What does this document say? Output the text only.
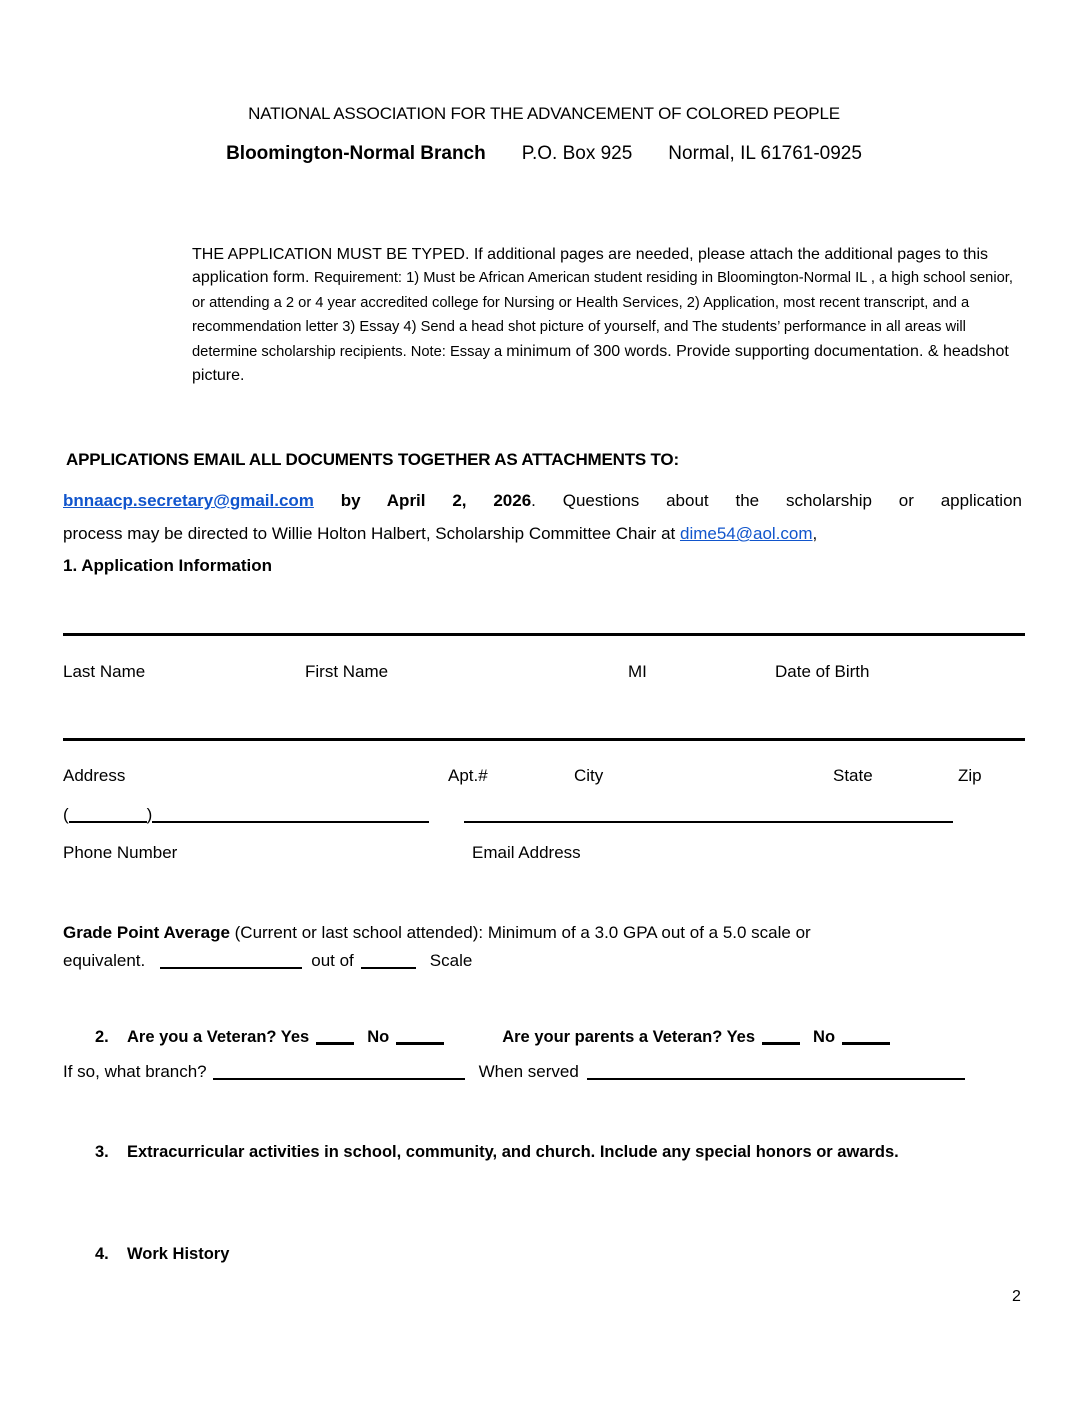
NATIONAL ASSOCIATION FOR THE ADVANCEMENT OF COLORED PEOPLE
Bloomington-Normal Branch P.O. Box 925 Normal, IL 61761-0925
THE APPLICATION MUST BE TYPED. If additional pages are needed, please attach the additional pages to this application form. Requirement: 1) Must be African American student residing in Bloomington-Normal IL , a high school senior, or attending a 2 or 4 year accredited college for Nursing or Health Services, 2) Application, most recent transcript, and a recommendation letter 3) Essay 4) Send a head shot picture of yourself, and The students’ performance in all areas will determine scholarship recipients. Note: Essay a minimum of 300 words. Provide supporting documentation. & headshot picture.
APPLICATIONS EMAIL ALL DOCUMENTS TOGETHER AS ATTACHMENTS TO:
bnnaacp.secretary@gmail.com by April 2, 2026. Questions about the scholarship or application
process may be directed to Willie Holton Halbert, Scholarship Committee Chair at dime54@aol.com,
1. Application Information
Last Name	First Name	MI	Date of Birth
Address	Apt.#	City	State	Zip
(	)
Phone Number	Email Address
Grade Point Average (Current or last school attended): Minimum of a 3.0 GPA out of a 5.0 scale or
equivalent.	out of	Scale
2. Are you a Veteran? Yes	No	Are your parents a Veteran? Yes	No
If so, what branch?	When served
3.	Extracurricular activities in school, community, and church. Include any special honors or awards.
4.	Work History
2
